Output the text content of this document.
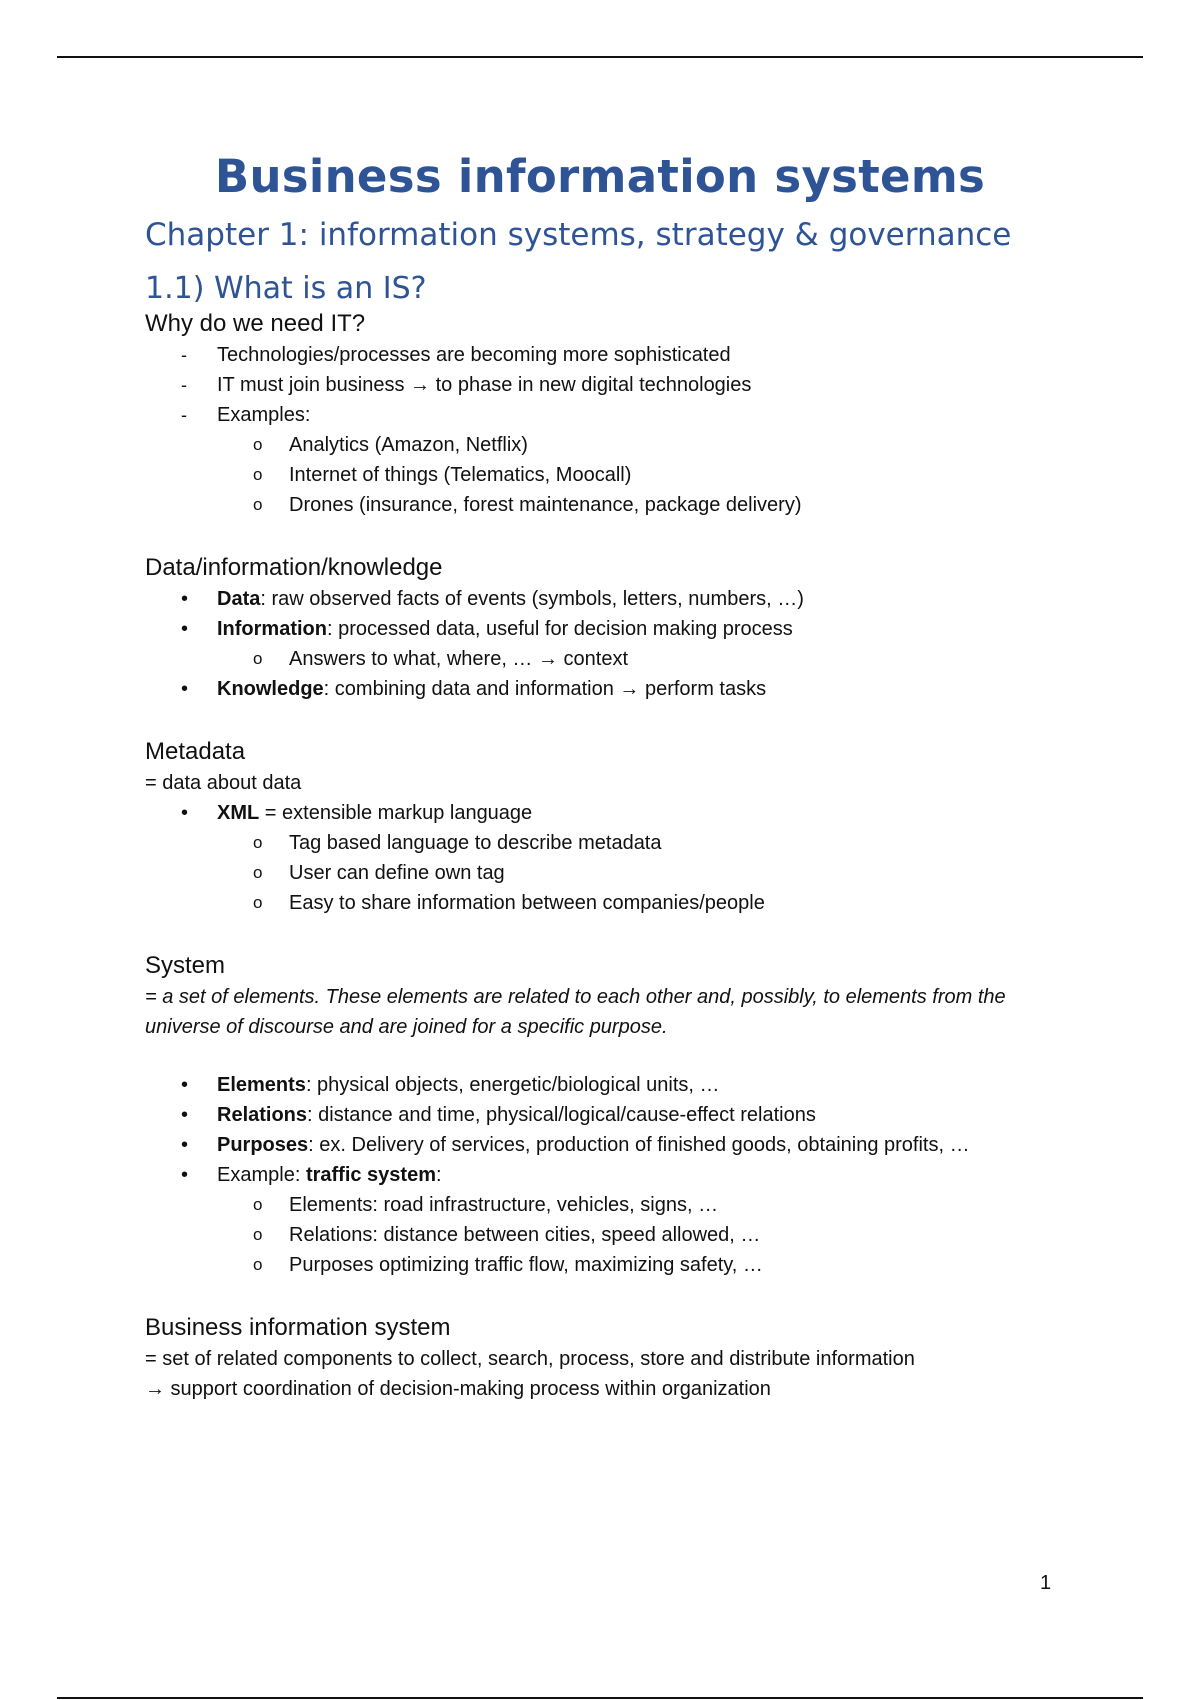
Business information systems
Chapter 1: information systems, strategy & governance
1.1) What is an IS?
Why do we need IT?
- Technologies/processes are becoming more sophisticated
- IT must join business → to phase in new digital technologies
- Examples:
o Analytics (Amazon, Netflix)
o Internet of things (Telematics, Moocall)
o Drones (insurance, forest maintenance, package delivery)
Data/information/knowledge
• Data: raw observed facts of events (symbols, letters, numbers, …)
• Information: processed data, useful for decision making process
o Answers to what, where, … → context
• Knowledge: combining data and information → perform tasks
Metadata
= data about data
• XML = extensible markup language
o Tag based language to describe metadata
o User can define own tag
o Easy to share information between companies/people
System
= a set of elements. These elements are related to each other and, possibly, to elements from the universe of discourse and are joined for a specific purpose.
• Elements: physical objects, energetic/biological units, …
• Relations: distance and time, physical/logical/cause-effect relations
• Purposes: ex. Delivery of services, production of finished goods, obtaining profits, …
• Example: traffic system:
o Elements: road infrastructure, vehicles, signs, …
o Relations: distance between cities, speed allowed, …
o Purposes optimizing traffic flow, maximizing safety, …
Business information system
= set of related components to collect, search, process, store and distribute information
→ support coordination of decision-making process within organization
1
